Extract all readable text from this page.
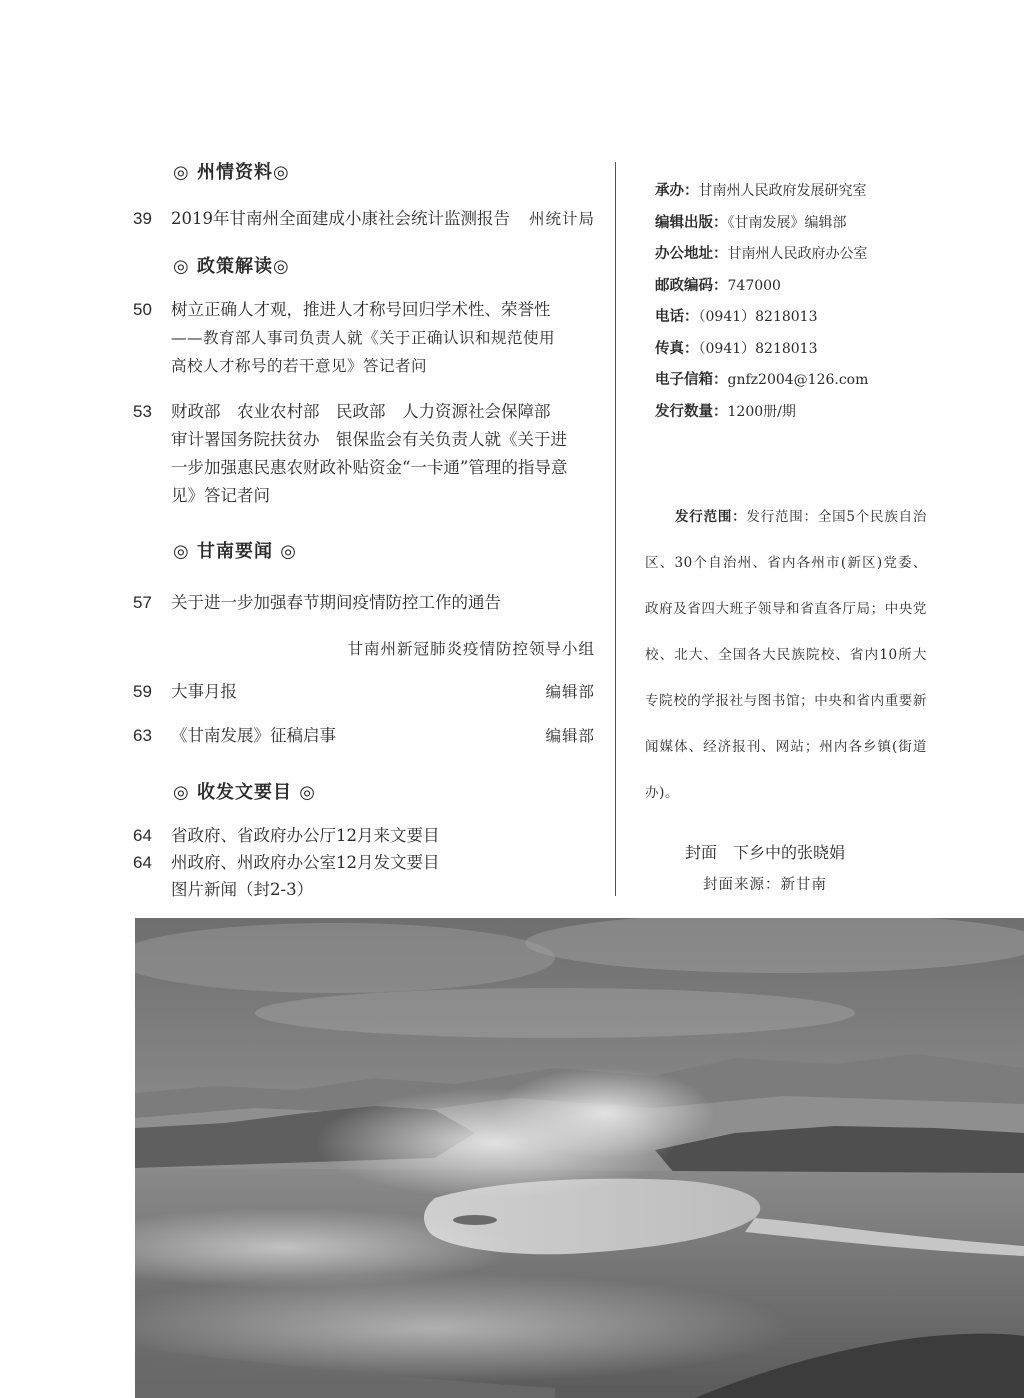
◎ 州情资料◎
39	2019年甘南州全面建成小康社会统计监测报告	州统计局
◎ 政策解读◎
50	树立正确人才观，推进人才称号回归学术性、荣誉性
——教育部人事司负责人就《关于正确认识和规范使用
高校人才称号的若干意见》答记者问
53	财政部　农业农村部　民政部　人力资源社会保障部
审计署国务院扶贫办　银保监会有关负责人就《关于进
一步加强惠民惠农财政补贴资金“一卡通”管理的指导意
见》答记者问
◎ 甘南要闻 ◎
57	关于进一步加强春节期间疫情防控工作的通告
甘南州新冠肺炎疫情防控领导小组
59	大事月报	编辑部
63	《甘南发展》征稿启事	编辑部
◎ 收发文要目 ◎
64	省政府、省政府办公厅12月来文要目
64	州政府、州政府办公室12月发文要目
图片新闻（封2-3）
承办：甘南州人民政府发展研究室
编辑出版：《甘南发展》编辑部
办公地址：甘南州人民政府办公室
邮政编码：747000
电话：（0941）8218013
传真：（0941）8218013
电子信箱：gnfz2004@126.com
发行数量：1200册/期
发行范围：发行范围：全国5个民族自治区、30个自治州、省内各州市(新区)党委、政府及省四大班子领导和省直各厅局；中央党校、北大、全国各大民族院校、省内10所大专院校的学报社与图书馆；中央和省内重要新闻媒体、经济报刊、网站；州内各乡镇(街道办)。
封面 下乡中的张晓娟
封面来源：新甘南
